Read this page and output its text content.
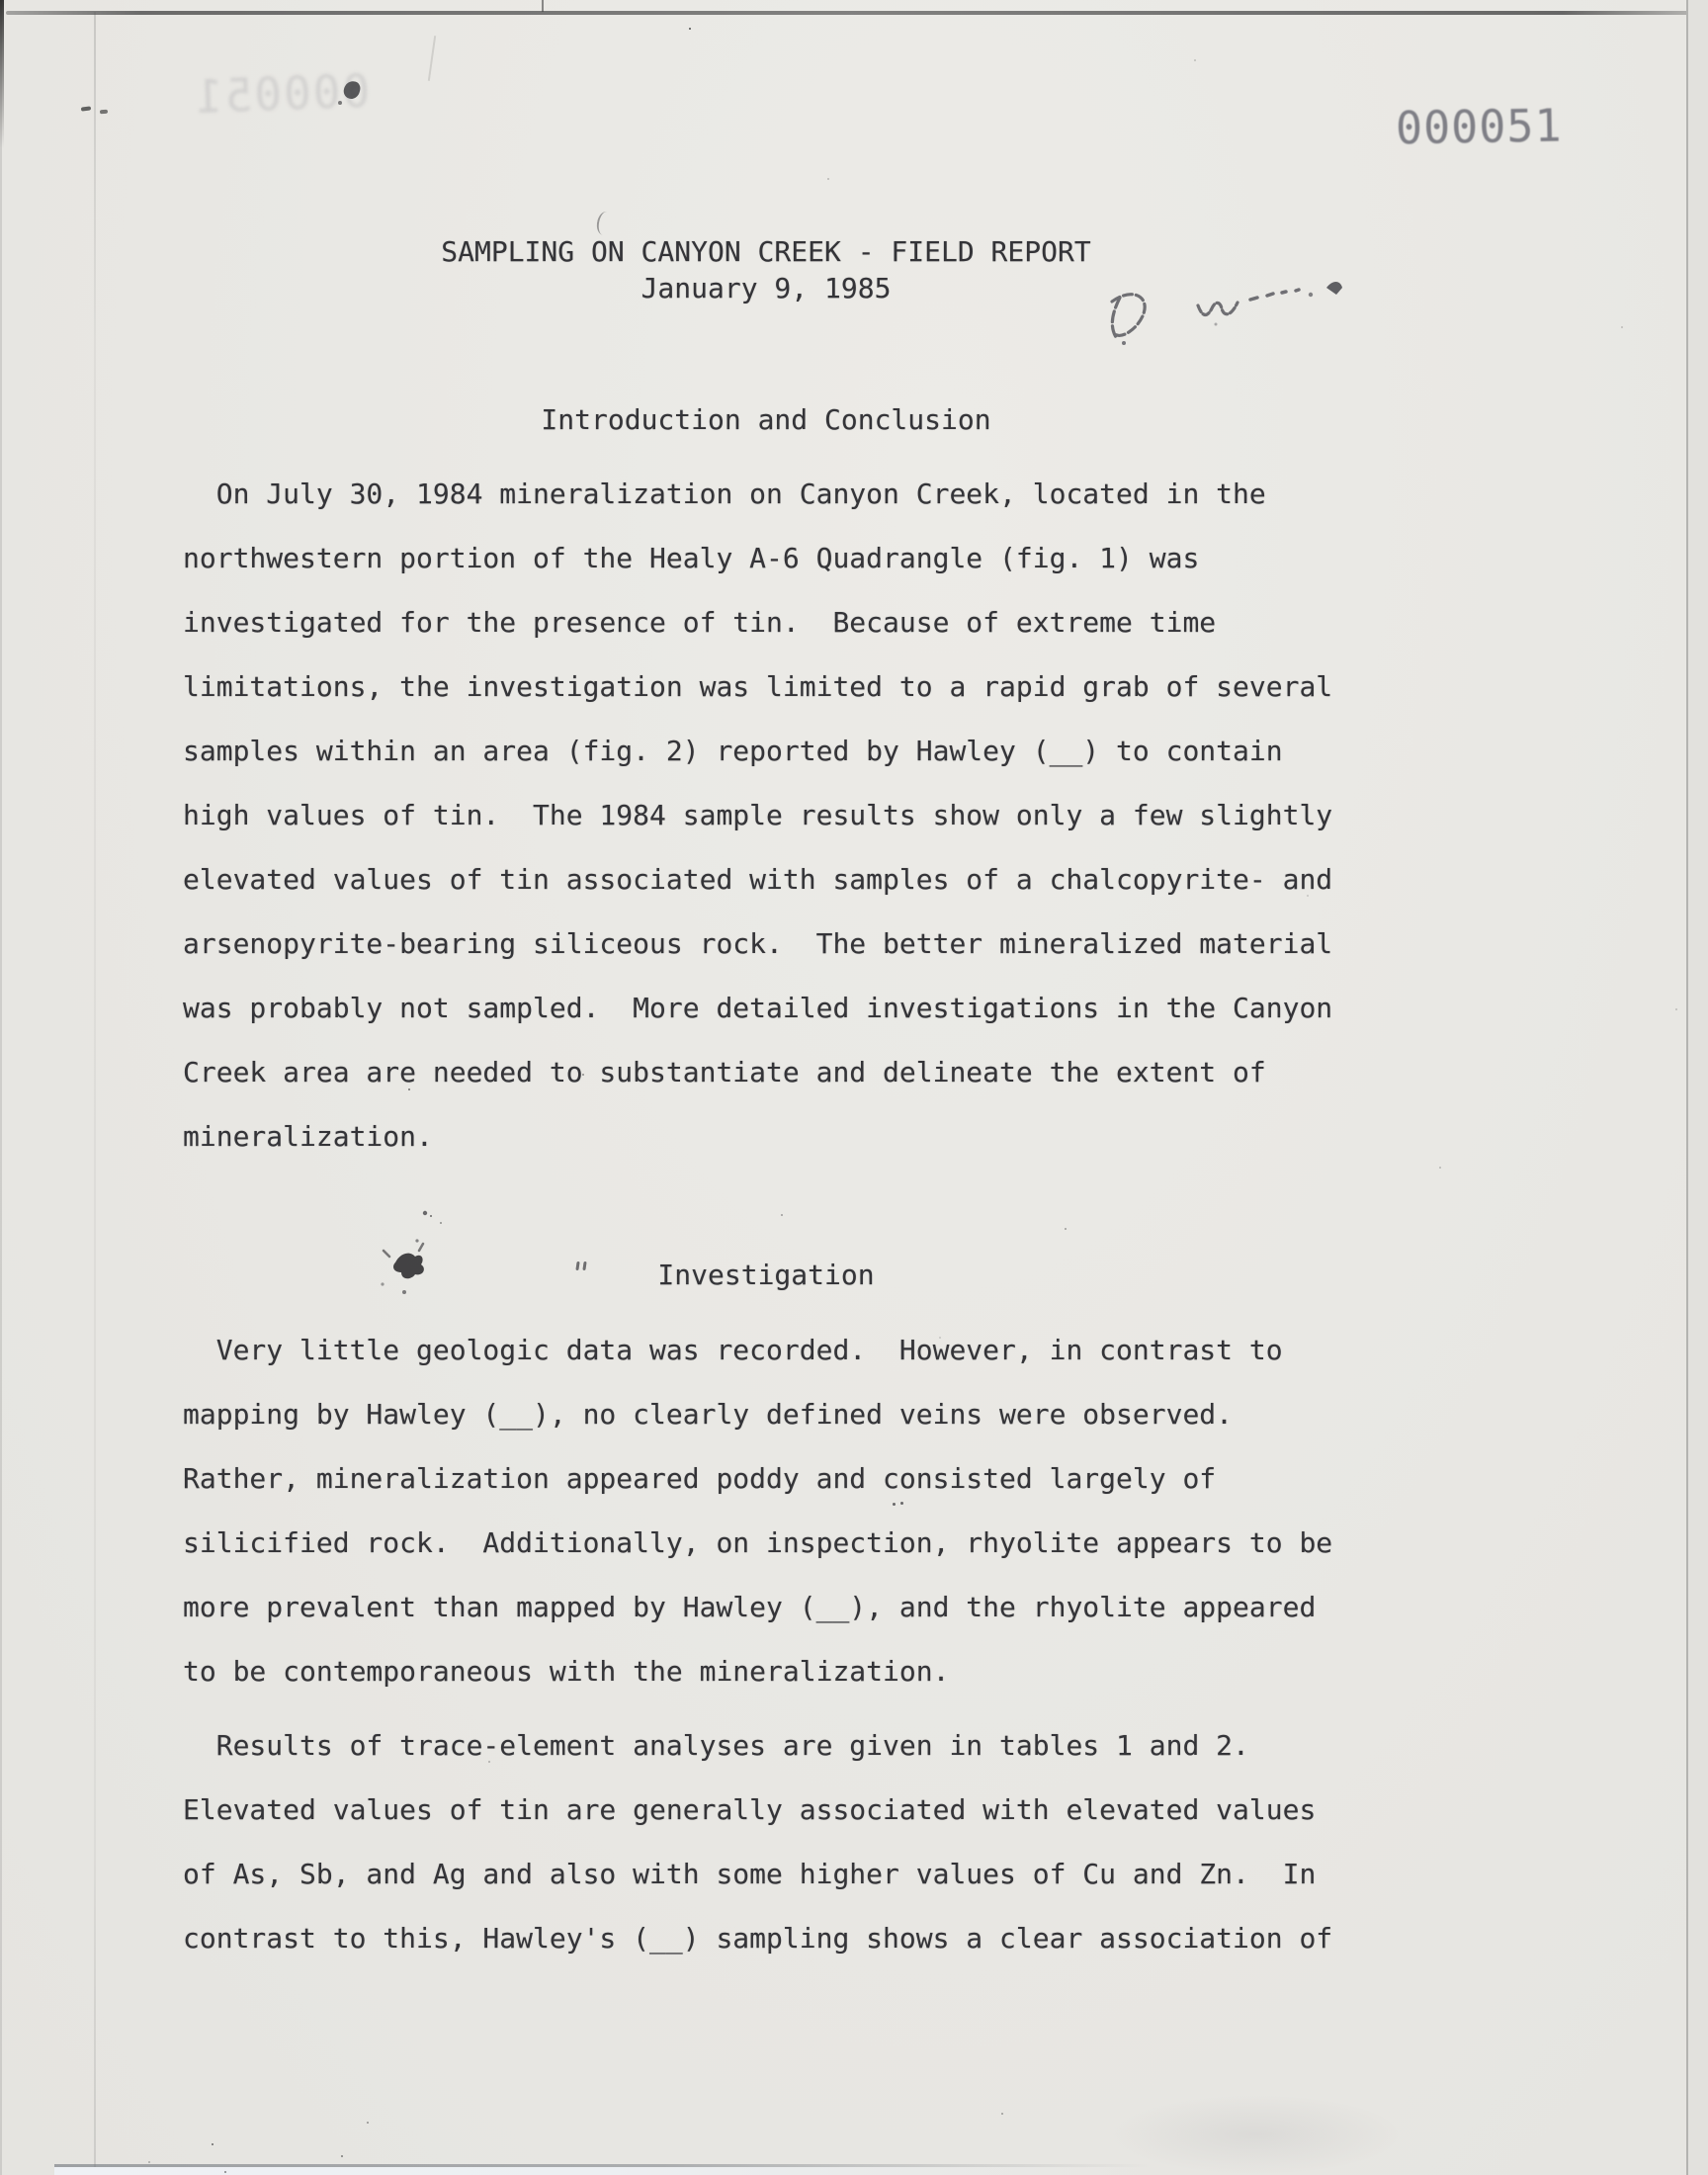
000051
000051
SAMPLING ON CANYON CREEK - FIELD REPORT
January 9, 1985
Introduction and Conclusion
On July 30, 1984 mineralization on Canyon Creek, located in the
northwestern portion of the Healy A-6 Quadrangle (fig. 1) was
investigated for the presence of tin.  Because of extreme time
limitations, the investigation was limited to a rapid grab of several
samples within an area (fig. 2) reported by Hawley (__) to contain
high values of tin.  The 1984 sample results show only a few slightly
elevated values of tin associated with samples of a chalcopyrite- and
arsenopyrite-bearing siliceous rock.  The better mineralized material
was probably not sampled.  More detailed investigations in the Canyon
Creek area are needed to substantiate and delineate the extent of
mineralization.
Investigation
Very little geologic data was recorded.  However, in contrast to
mapping by Hawley (__), no clearly defined veins were observed.
Rather, mineralization appeared poddy and consisted largely of
silicified rock.  Additionally, on inspection, rhyolite appears to be
more prevalent than mapped by Hawley (__), and the rhyolite appeared
to be contemporaneous with the mineralization.
Results of trace-element analyses are given in tables 1 and 2.
Elevated values of tin are generally associated with elevated values
of As, Sb, and Ag and also with some higher values of Cu and Zn.  In
contrast to this, Hawley's (__) sampling shows a clear association of
